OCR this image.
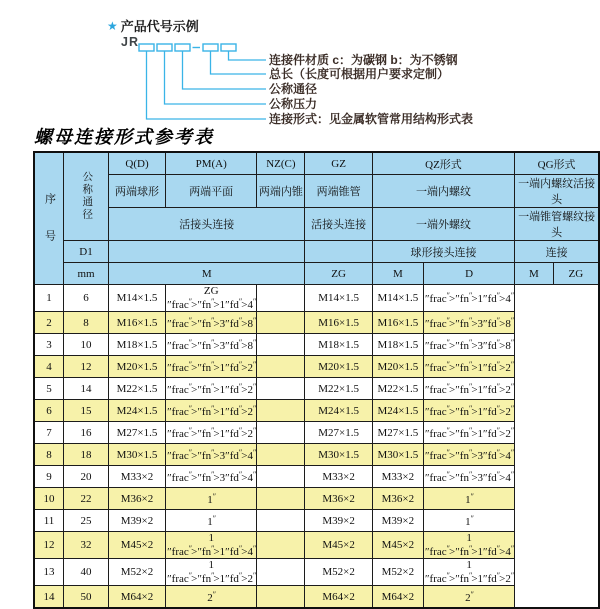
★ 产品代号示例
JR
连接件材质 c：为碳钢 b：为不锈钢
总长（长度可根据用户要求定制）
公称通径
公称压力
连接形式：见金属软管常用结构形式表
螺母连接形式参考表
序号	公称通径	Q(D)	PM(A)	NZ(C)	GZ	QZ形式		QG形式	
		两端球形	两端平面	两端内锥	两端锥管	一端内螺纹		一端内螺纹活接头	
		活接头连接			活接头连接	一端外螺纹		一端锥管螺纹接头	
	D1					球形接头连接		连接	
	mm	M			ZG	M	D	M	ZG
1	6	M14×1.5	ZG ″frac″>″fn″>1″fd″>4″		M14×1.5	M14×1.5	″frac″>″fn″>1″fd″>4″
2	8	M16×1.5	″frac″>″fn″>3″fd″>8″		M16×1.5	M16×1.5	″frac″>″fn″>3″fd″>8″
3	10	M18×1.5	″frac″>″fn″>3″fd″>8″		M18×1.5	M18×1.5	″frac″>″fn″>3″fd″>8″
4	12	M20×1.5	″frac″>″fn″>1″fd″>2″		M20×1.5	M20×1.5	″frac″>″fn″>1″fd″>2″
5	14	M22×1.5	″frac″>″fn″>1″fd″>2″		M22×1.5	M22×1.5	″frac″>″fn″>1″fd″>2″
6	15	M24×1.5	″frac″>″fn″>1″fd″>2″		M24×1.5	M24×1.5	″frac″>″fn″>1″fd″>2″
7	16	M27×1.5	″frac″>″fn″>1″fd″>2″		M27×1.5	M27×1.5	″frac″>″fn″>1″fd″>2″
8	18	M30×1.5	″frac″>″fn″>3″fd″>4″		M30×1.5	M30×1.5	″frac″>″fn″>3″fd″>4″
9	20	M33×2	″frac″>″fn″>3″fd″>4″		M33×2	M33×2	″frac″>″fn″>3″fd″>4″
10	22	M36×2	1″		M36×2	M36×2	1″
11	25	M39×2	1″		M39×2	M39×2	1″
12	32	M45×2	1 ″frac″>″fn″>1″fd″>4″		M45×2	M45×2	1 ″frac″>″fn″>1″fd″>4″
13	40	M52×2	1 ″frac″>″fn″>1″fd″>2″		M52×2	M52×2	1 ″frac″>″fn″>1″fd″>2″
14	50	M64×2	2″		M64×2	M64×2	2″
